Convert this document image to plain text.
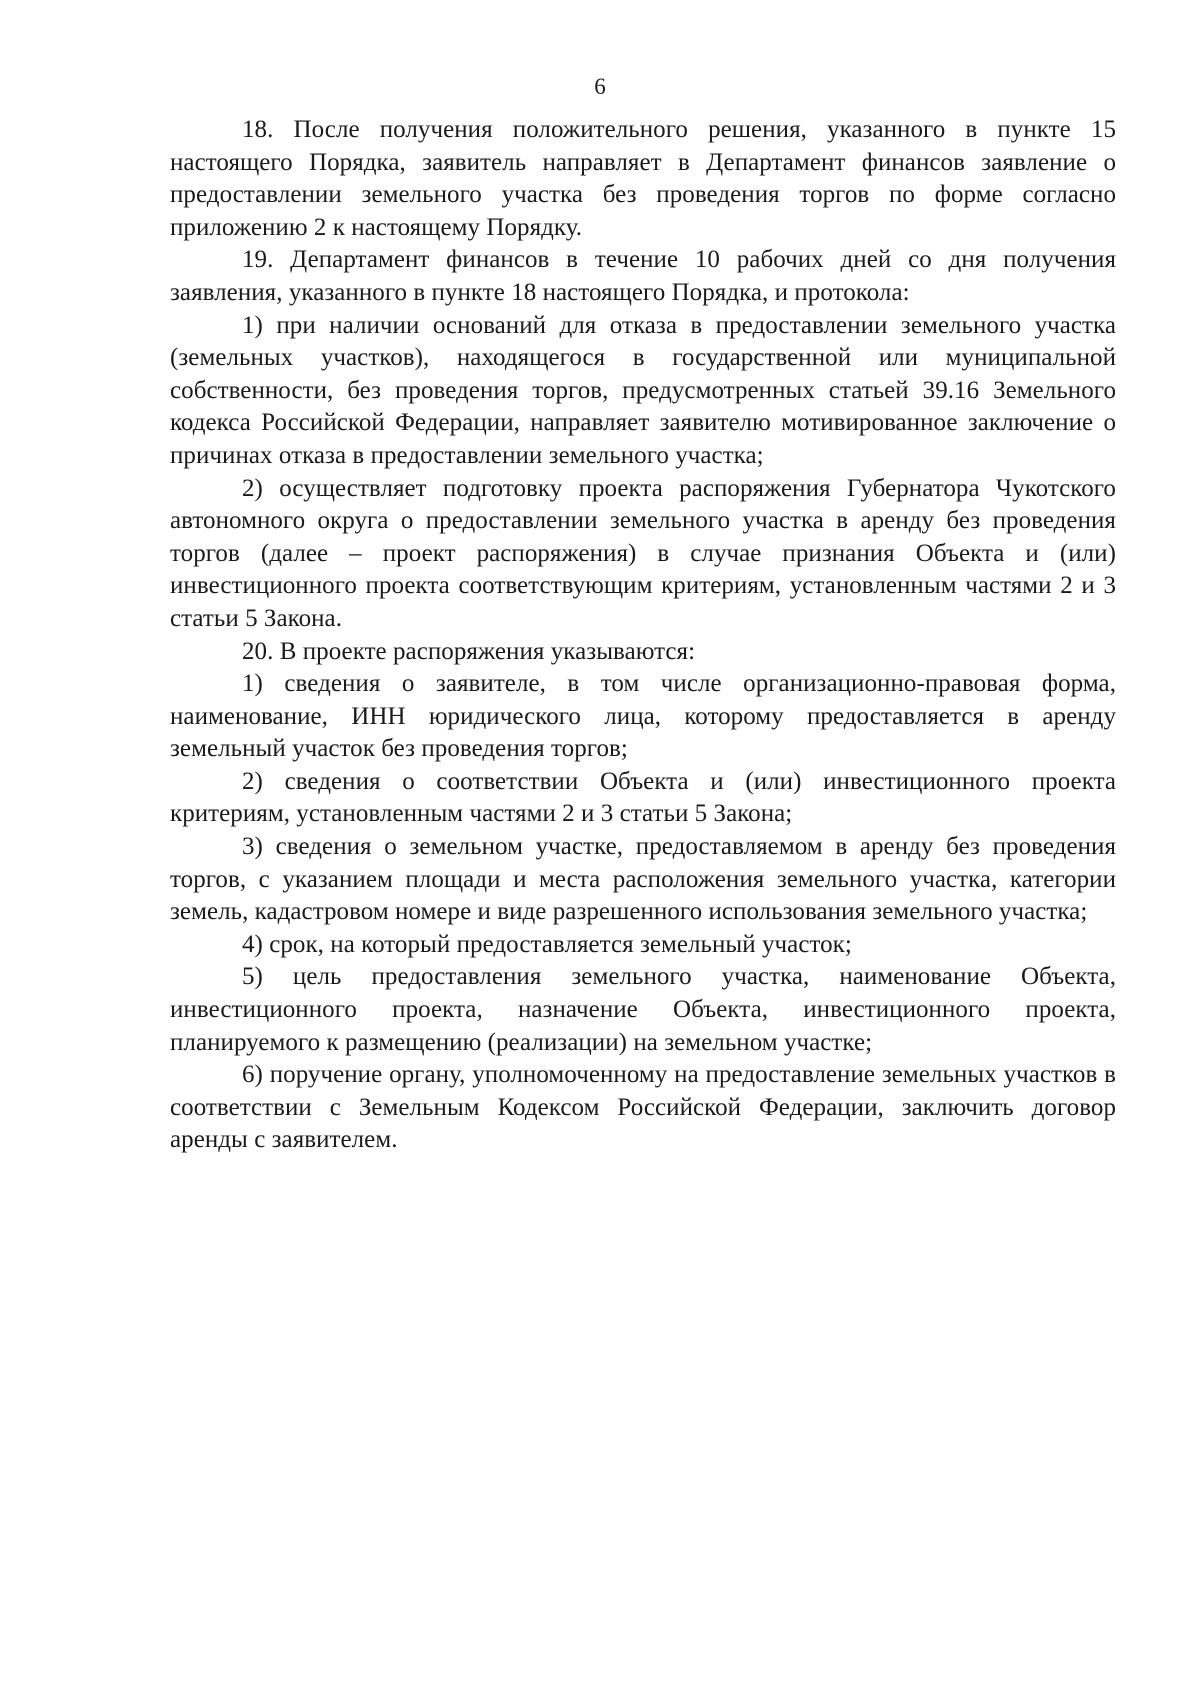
6

18. После получения положительного решения, указанного в пункте 15 настоящего Порядка, заявитель направляет в Департамент финансов заявление о предоставлении земельного участка без проведения торгов по форме согласно приложению 2 к настоящему Порядку.

19. Департамент финансов в течение 10 рабочих дней со дня получения заявления, указанного в пункте 18 настоящего Порядка, и протокола:

1) при наличии оснований для отказа в предоставлении земельного участка (земельных участков), находящегося в государственной или муниципальной собственности, без проведения торгов, предусмотренных статьей 39.16 Земельного кодекса Российской Федерации, направляет заявителю мотивированное заключение о причинах отказа в предоставлении земельного участка;

2) осуществляет подготовку проекта распоряжения Губернатора Чукотского автономного округа о предоставлении земельного участка в аренду без проведения торгов (далее – проект распоряжения) в случае признания Объекта и (или) инвестиционного проекта соответствующим критериям, установленным частями 2 и 3 статьи 5 Закона.

20. В проекте распоряжения указываются:

1) сведения о заявителе, в том числе организационно-правовая форма, наименование, ИНН юридического лица, которому предоставляется в аренду земельный участок без проведения торгов;

2) сведения о соответствии Объекта и (или) инвестиционного проекта критериям, установленным частями 2 и 3 статьи 5 Закона;

3) сведения о земельном участке, предоставляемом в аренду без проведения торгов, с указанием площади и места расположения земельного участка, категории земель, кадастровом номере и виде разрешенного использования земельного участка;

4) срок, на который предоставляется земельный участок;

5) цель предоставления земельного участка, наименование Объекта, инвестиционного проекта, назначение Объекта, инвестиционного проекта, планируемого к размещению (реализации) на земельном участке;

6) поручение органу, уполномоченному на предоставление земельных участков в соответствии с Земельным Кодексом Российской Федерации, заключить договор аренды с заявителем.
